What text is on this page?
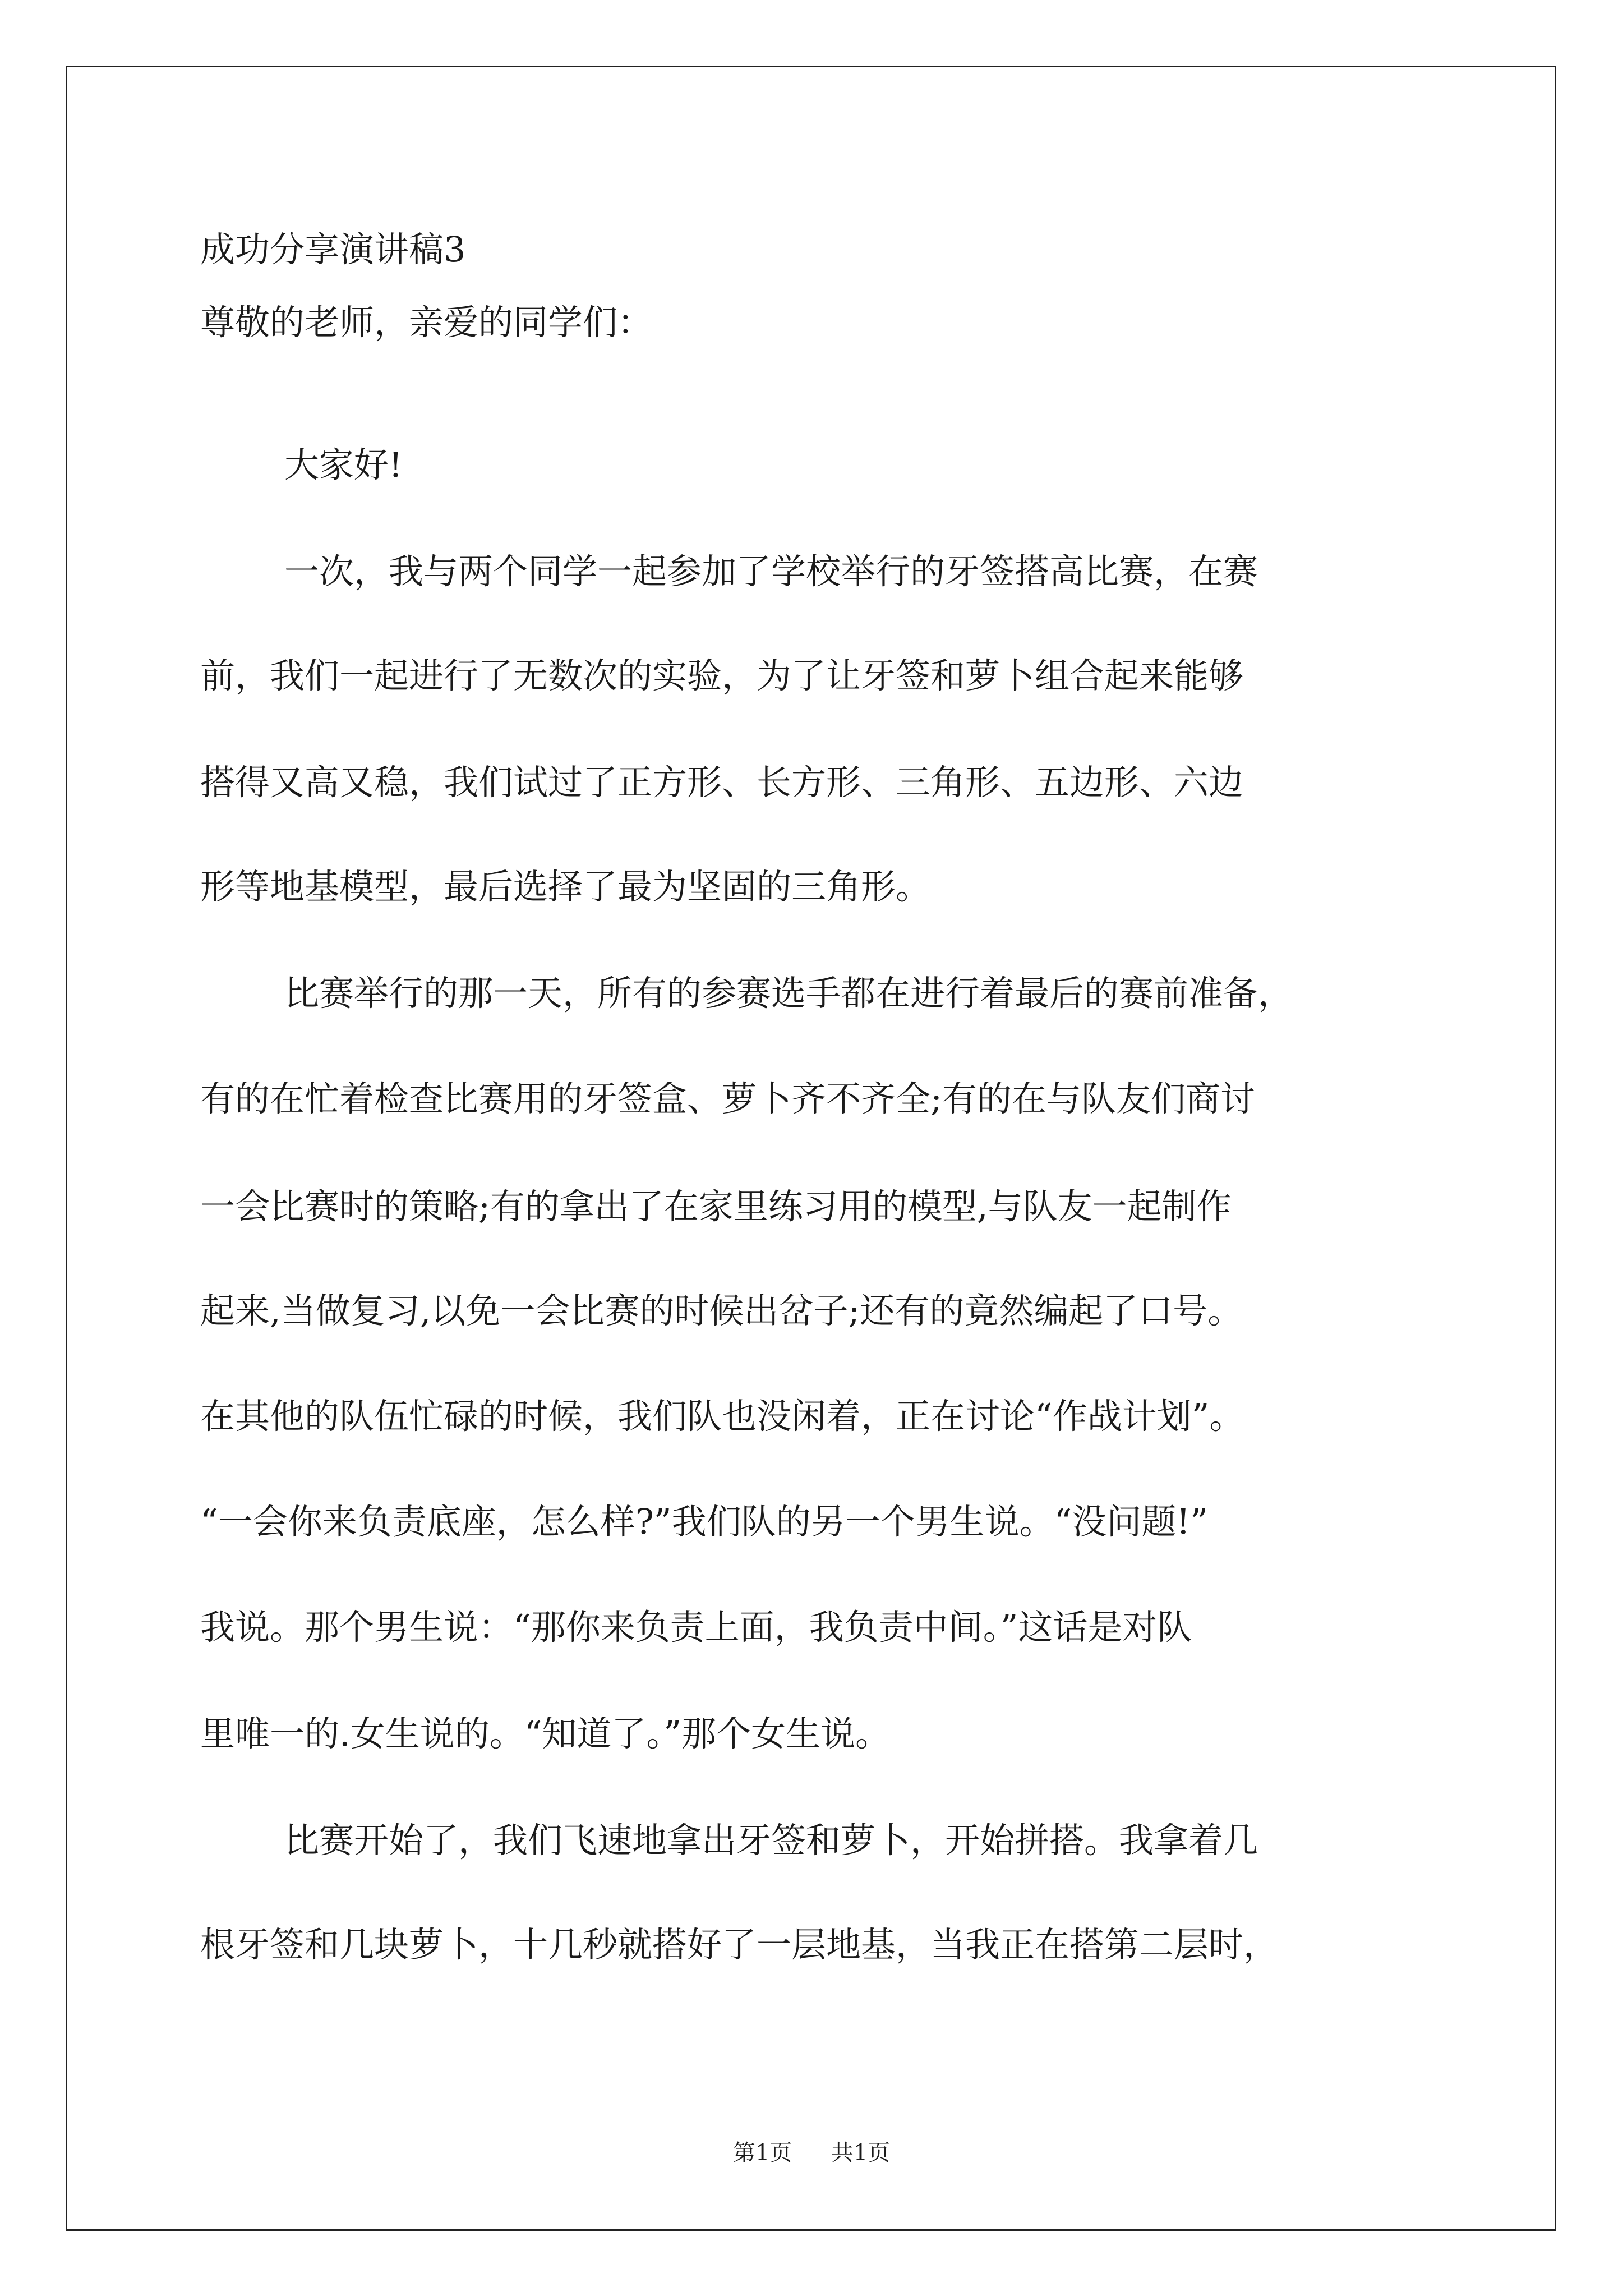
成功分享演讲稿3
尊敬的老师，亲爱的同学们：
大家好!
一次，我与两个同学一起参加了学校举行的牙签搭高比赛，在赛
前，我们一起进行了无数次的实验，为了让牙签和萝卜组合起来能够
搭得又高又稳，我们试过了正方形、长方形、三角形、五边形、六边
形等地基模型，最后选择了最为坚固的三角形。
比赛举行的那一天，所有的参赛选手都在进行着最后的赛前准备，
有的在忙着检查比赛用的牙签盒、萝卜齐不齐全;有的在与队友们商讨
一会比赛时的策略;有的拿出了在家里练习用的模型,与队友一起制作
起来,当做复习,以免一会比赛的时候出岔子;还有的竟然编起了口号。
在其他的队伍忙碌的时候，我们队也没闲着，正在讨论“作战计划”。
“一会你来负责底座，怎么样?”我们队的另一个男生说。“没问题!”
我说。那个男生说：“那你来负责上面，我负责中间。”这话是对队
里唯一的.女生说的。“知道了。”那个女生说。
比赛开始了，我们飞速地拿出牙签和萝卜，开始拼搭。我拿着几
根牙签和几块萝卜，十几秒就搭好了一层地基，当我正在搭第二层时，
第1页 共1页
